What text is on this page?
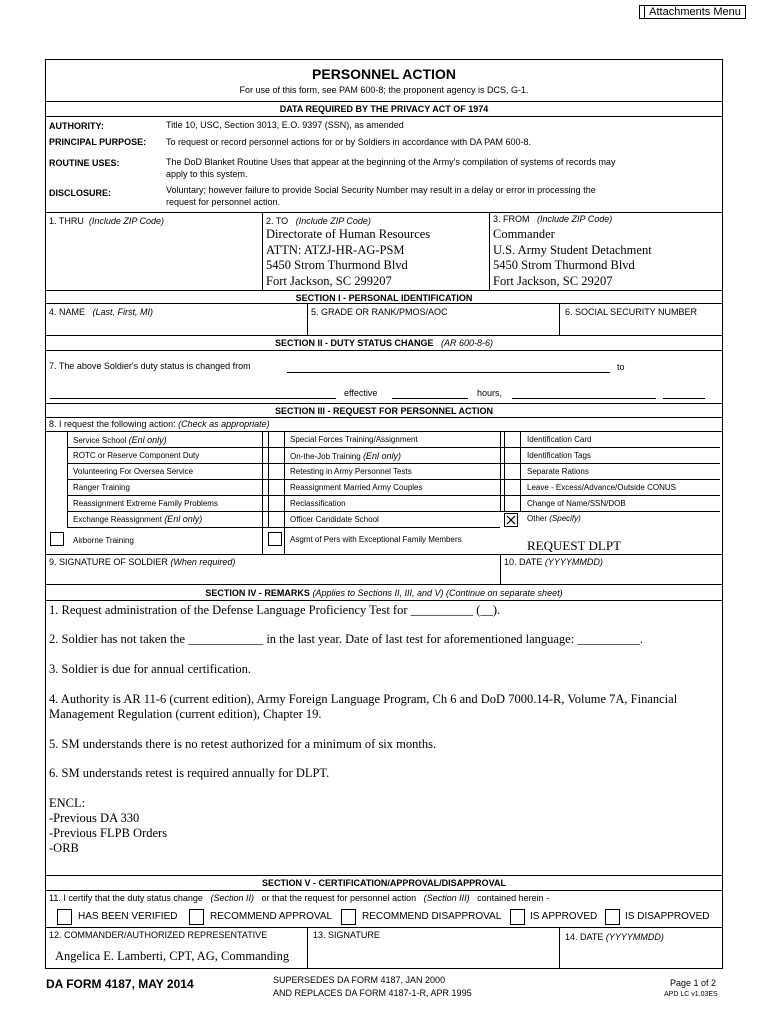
Attachments Menu
PERSONNEL ACTION
For use of this form, see PAM 600-8; the proponent agency is DCS, G-1.
DATA REQUIRED BY THE PRIVACY ACT OF 1974
AUTHORITY:	Title 10, USC, Section 3013, E.O. 9397 (SSN), as amended
PRINCIPAL PURPOSE: To request or record personnel actions for or by Soldiers in accordance with DA PAM 600-8.
ROUTINE USES:	The DoD Blanket Routine Uses that appear at the beginning of the Army's compilation of systems of records may
apply to this system.
DISCLOSURE:	Voluntary; however failure to provide Social Security Number may result in a delay or error in processing the
request for personnel action.
1. THRU (Include ZIP Code)	2. TO (Include ZIP Code)
Directorate of Human Resources
ATTN: ATZJ-HR-AG-PSM
5450 Strom Thurmond Blvd
Fort Jackson, SC 299207
3. FROM (Include ZIP Code)
Commander
U.S. Army Student Detachment
5450 Strom Thurmond Blvd
Fort Jackson, SC 29207
SECTION I - PERSONAL IDENTIFICATION
4. NAME (Last, First, MI)	5. GRADE OR RANK/PMOS/AOC	6. SOCIAL SECURITY NUMBER
SECTION II - DUTY STATUS CHANGE (AR 600-8-6)
7. The above Soldier's duty status is changed from	to
effective	hours,
SECTION III - REQUEST FOR PERSONNEL ACTION
8. I request the following action: (Check as appropriate)
Service School (Enl only)
ROTC or Reserve Component Duty
Volunteering For Oversea Service
Ranger Training
Reassignment Extreme Family Problems
Exchange Reassignment (Enl only)
Airborne Training
Special Forces Training/Assignment
On-the-Job Training (Enl only)
Retesting in Army Personnel Tests
Reassignment Married Army Couples
Reclassification
Officer Candidate School
Asgmt of Pers with Exceptional Family Members
Identification Card
Identification Tags
Separate Rations
Leave - Excess/Advance/Outside CONUS
Change of Name/SSN/DOB
Other (Specify)
REQUEST DLPT
9. SIGNATURE OF SOLDIER (When required)	10. DATE (YYYYMMDD)
SECTION IV - REMARKS (Applies to Sections II, III, and V) (Continue on separate sheet)
1. Request administration of the Defense Language Proficiency Test for __________ (__).
2. Soldier has not taken the ____________ in the last year. Date of last test for aforementioned language: __________.
3. Soldier is due for annual certification.
4. Authority is AR 11-6 (current edition), Army Foreign Language Program, Ch 6 and DoD 7000.14-R, Volume 7A, Financial
Management Regulation (current edition), Chapter 19.
5. SM understands there is no retest authorized for a minimum of six months.
6. SM understands retest is required annually for DLPT.
ENCL:
-Previous DA 330
-Previous FLPB Orders
-ORB
SECTION V - CERTIFICATION/APPROVAL/DISAPPROVAL
11. I certify that the duty status change (Section II) or that the request for personnel action (Section III) contained herein -
HAS BEEN VERIFIED	RECOMMEND APPROVAL	RECOMMEND DISAPPROVAL	IS APPROVED	IS DISAPPROVED
12. COMMANDER/AUTHORIZED REPRESENTATIVE
Angelica E. Lamberti, CPT, AG, Commanding
13. SIGNATURE	14. DATE (YYYYMMDD)
DA FORM 4187, MAY 2014	SUPERSEDES DA FORM 4187, JAN 2000
AND REPLACES DA FORM 4187-1-R, APR 1995
Page 1 of 2
APD LC v1.03ES
